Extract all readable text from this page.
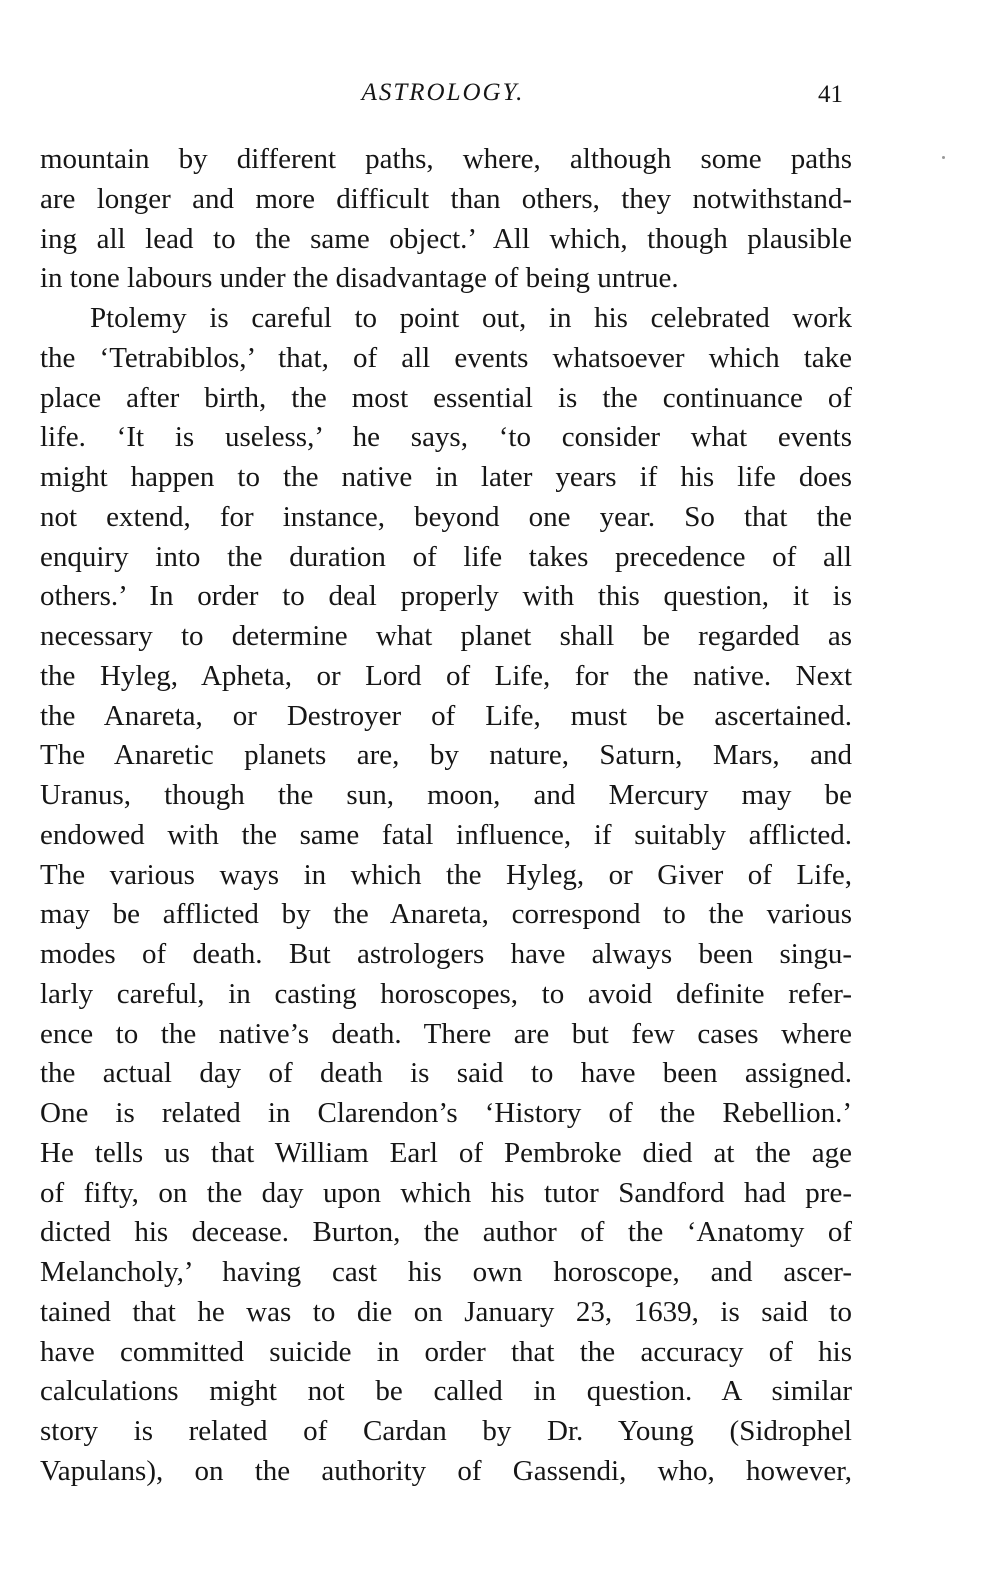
ASTROLOGY.	41
mountain by different paths, where, although some paths
are longer and more difficult than others, they notwithstand-
ing all lead to the same object.’ All which, though plausible
in tone labours under the disadvantage of being untrue.
Ptolemy is careful to point out, in his celebrated work
the ‘Tetrabiblos,’ that, of all events whatsoever which take
place after birth, the most essential is the continuance of
life. ‘It is useless,’ he says, ‘to consider what events
might happen to the native in later years if his life does
not extend, for instance, beyond one year. So that the
enquiry into the duration of life takes precedence of all
others.’ In order to deal properly with this question, it is
necessary to determine what planet shall be regarded as
the Hyleg, Apheta, or Lord of Life, for the native. Next
the Anareta, or Destroyer of Life, must be ascertained.
The Anaretic planets are, by nature, Saturn, Mars, and
Uranus, though the sun, moon, and Mercury may be
endowed with the same fatal influence, if suitably afflicted.
The various ways in which the Hyleg, or Giver of Life,
may be afflicted by the Anareta, correspond to the various
modes of death. But astrologers have always been singu-
larly careful, in casting horoscopes, to avoid definite refer-
ence to the native’s death. There are but few cases where
the actual day of death is said to have been assigned.
One is related in Clarendon’s ‘History of the Rebellion.’
He tells us that William Earl of Pembroke died at the age
of fifty, on the day upon which his tutor Sandford had pre-
dicted his decease. Burton, the author of the ‘Anatomy of
Melancholy,’ having cast his own horoscope, and ascer-
tained that he was to die on January 23, 1639, is said to
have committed suicide in order that the accuracy of his
calculations might not be called in question. A similar
story is related of Cardan by Dr. Young (Sidrophel
Vapulans), on the authority of Gassendi, who, however,
